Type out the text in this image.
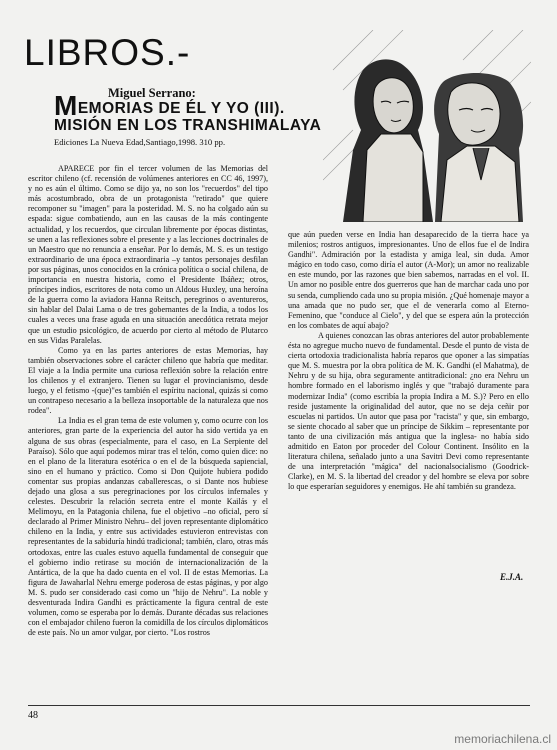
LIBROS.-

Miguel Serrano:

MEMORIAS DE ÉL Y YO (III).
MISIÓN EN LOS TRANSHIMALAYA

Ediciones La Nueva Edad,Santiago,1998. 310 pp.

APARECE por fin el tercer volumen de las Memorias del escritor chileno (cf. recensión de volúmenes anteriores en CC 46, 1997), y no es aún el último. Como se dijo ya, no son los "recuerdos" del tipo más acostumbrado, obra de un protagonista "retirado" que quiere recomponer su "imagen" para la posteridad. M. S. no ha colgado aún su espada: sigue combatiendo, aun en las causas de la más contingente actualidad, y los recuerdos, que circulan libremente por épocas distintas, se unen a las reflexiones sobre el presente y a las lecciones doctrinales de un Maestro que no renuncia a enseñar. Por lo demás, M. S. es un testigo extraordinario de una época extraordinaria –y tantos personajes desfilan por sus páginas, unos conocidos en la crónica política o social chilena, de importancia en nuestra historia, como el Presidente Ibáñez; otros, príncipes indios, escritores de nota como un Aldous Huxley, una heroína de la guerra como la aviadora Hanna Reitsch, peregrinos o aventureros, sin hablar del Dalai Lama o de tres gobernantes de la India, a todos los cuales a veces una frase aguda en una situación anecdótica retrata mejor que un estudio psicológico, de acuerdo por cierto al método de Plutarco en sus Vidas Paralelas.

Como ya en las partes anteriores de estas Memorias, hay también observaciones sobre el carácter chileno que habría que meditar. El viaje a la India permite una curiosa reflexión sobre la relación entre los chilenos y el extranjero. Tienen su lugar el provincianismo, desde luego, y el fetismo -(que)"es también el espíritu nacional, quizás si como un contrapeso necesario a la belleza insoportable de la naturaleza que nos rodea".

La India es el gran tema de este volumen y, como ocurre con los anteriores, gran parte de la experiencia del autor ha sido vertida ya en alguna de sus obras (especialmente, para el caso, en La Serpiente del Paraíso). Sólo que aquí podemos mirar tras el telón, como quien dice: no en el plano de la literatura esotérica o en el de la búsqueda sapiencial, sino en el humano y práctico. Como si Don Quijote hubiera podido comentar sus propias andanzas caballerescas, o si Dante nos hubiese dejado una glosa a sus peregrinaciones por los círculos infernales y celestes. Descubrir la relación secreta entre el monte Kailás y el Melimoyu, en la Patagonia chilena, fue el objetivo –no oficial, pero sí declarado al Primer Ministro Nehru– del joven representante diplomático chileno en la India, y entre sus actividades estuvieron entrevistas con representantes de la sabiduría hindú tradicional; también, claro, otras más ortodoxas, entre las cuales estuvo aquella fundamental de conseguir que el gobierno indio retirase su moción de internacionalización de la Antártica, de la que ha dado cuenta en el vol. II de estas Memorias. La figura de Jawaharlal Nehru emerge poderosa de estas páginas, y por algo M. S. pudo ser considerado casi como un "hijo de Nehru". La noble y desventurada Indira Gandhi es prácticamente la figura central de este volumen, como se esperaba por lo demás. Durante décadas sus relaciones con el embajador chileno fueron la comidilla de los círculos diplomáticos de este país. No un amor vulgar, por cierto. "Los rostros

que aún pueden verse en India han desaparecido de la tierra hace ya milenios; rostros antiguos, impresionantes. Uno de ellos fue el de Indira Gandhi". Admiración por la estadista y amiga leal, sin duda. Amor mágico en todo caso, como diría el autor (A-Mor); un amor no realizable en este mundo, por las razones que bien sabemos, narradas en el vol. II. Un amor no posible entre dos guerreros que han de marchar cada uno por su senda, cumpliendo cada uno su propia misión. ¿Qué homenaje mayor a una amada que no pudo ser, que el de venerarla como al Eterno-Femenino, que "conduce al Cielo", y del que se espera aún la protección en los combates de aquí abajo?

A quienes conozcan las obras anteriores del autor probablemente ésta no agregue mucho nuevo de fundamental. Desde el punto de vista de cierta ortodoxia tradicionalista habría reparos que oponer a las simpatías que M. S. muestra por la obra política de M. K. Gandhi (el Mahatma), de Nehru y de su hija, obra seguramente antitradicional: ¿no era Nehru un hombre formado en el laborismo inglés y que "trabajó duramente para modernizar India" (como escribía la propia Indira a M. S.)? Pero en ello reside justamente la originalidad del autor, que no se deja ceñir por escuelas ni partidos. Un autor que pasa por "racista" y que, sin embargo, se siente chocado al saber que un príncipe de Sikkim – representante por tanto de una civilización más antigua que la inglesa- no había sido admitido en Eaton por proceder del Colour Continent. Insólito en la literatura chilena, señalado junto a una Savitri Devi como representante de una interpretación "mágica" del nacionalsocialismo (Goodrick-Clarke), en M. S. la libertad del creador y del hombre se eleva por sobre lo que esperarían seguidores y enemigos. He ahí también su grandeza.

E.J.A.

48

memoriachilena.cl
